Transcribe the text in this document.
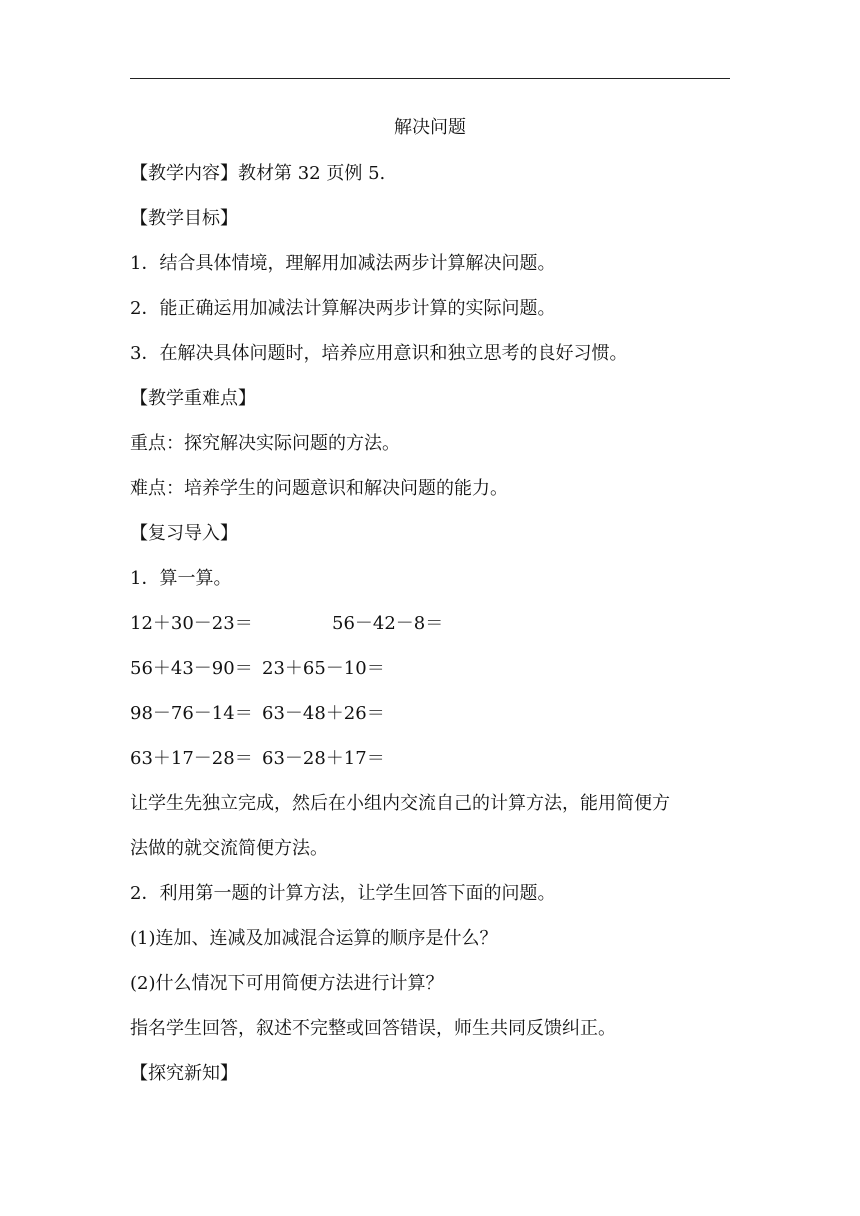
解决问题
【教学内容】教材第 32 页例 5.
【教学目标】
1．结合具体情境，理解用加减法两步计算解决问题。
2．能正确运用加减法计算解决两步计算的实际问题。
3．在解决具体问题时，培养应用意识和独立思考的良好习惯。
【教学重难点】
重点：探究解决实际问题的方法。
难点：培养学生的问题意识和解决问题的能力。
【复习导入】
1．算一算。
12＋30－23＝	56－42－8＝
56＋43－90＝ 23＋65－10＝
98－76－14＝ 63－48＋26＝
63＋17－28＝ 63－28＋17＝
让学生先独立完成，然后在小组内交流自己的计算方法，能用简便方
法做的就交流简便方法。
2．利用第一题的计算方法，让学生回答下面的问题。
(1)连加、连减及加减混合运算的顺序是什么？
(2)什么情况下可用简便方法进行计算？
指名学生回答，叙述不完整或回答错误，师生共同反馈纠正。
【探究新知】
